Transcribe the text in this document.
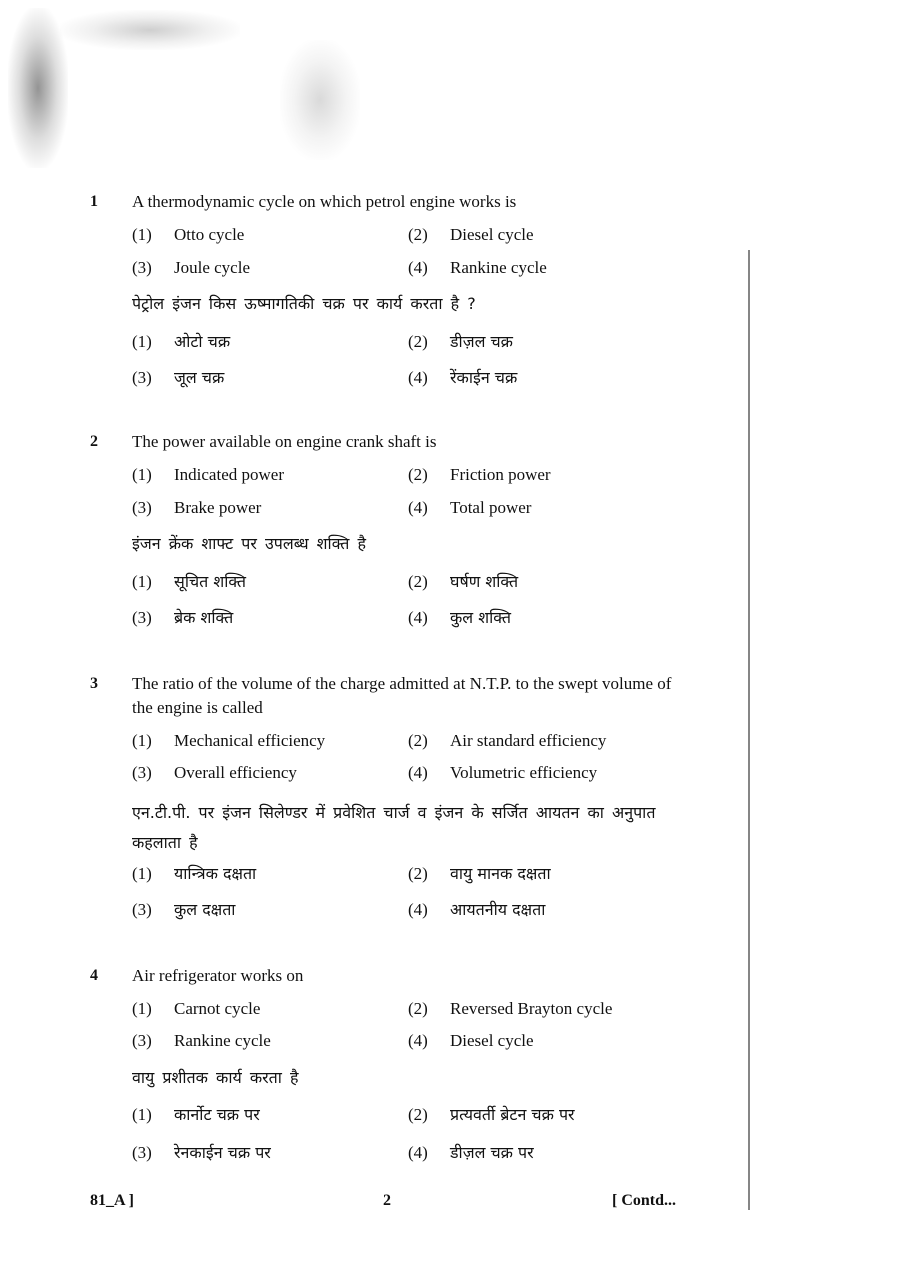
1 A thermodynamic cycle on which petrol engine works is
(1) Otto cycle	(2) Diesel cycle
(3) Joule cycle	(4) Rankine cycle
पेट्रोल इंजन किस ऊष्मागतिकी चक्र पर कार्य करता है ?
(1) ओटो चक्र	(2) डीज़ल चक्र
(3) जूल चक्र	(4) रेंकाईन चक्र
2 The power available on engine crank shaft is
(1) Indicated power	(2) Friction power
(3) Brake power	(4) Total power
इंजन क्रेंक शाफ्ट पर उपलब्ध शक्ति है
(1) सूचित शक्ति	(2) घर्षण शक्ति
(3) ब्रेक शक्ति	(4) कुल शक्ति
3 The ratio of the volume of the charge admitted at N.T.P. to the swept volume of the engine is called
(1) Mechanical efficiency	(2) Air standard efficiency
(3) Overall efficiency	(4) Volumetric efficiency
एन.टी.पी. पर इंजन सिलेण्डर में प्रवेशित चार्ज व इंजन के सर्जित आयतन का अनुपात कहलाता है
(1) यान्त्रिक दक्षता	(2) वायु मानक दक्षता
(3) कुल दक्षता	(4) आयतनीय दक्षता
4 Air refrigerator works on
(1) Carnot cycle	(2) Reversed Brayton cycle
(3) Rankine cycle	(4) Diesel cycle
वायु प्रशीतक कार्य करता है
(1) कार्नोट चक्र पर	(2) प्रत्यवर्ती ब्रेटन चक्र पर
(3) रेनकाईन चक्र पर	(4) डीज़ल चक्र पर
81_A ]	2	[ Contd...
